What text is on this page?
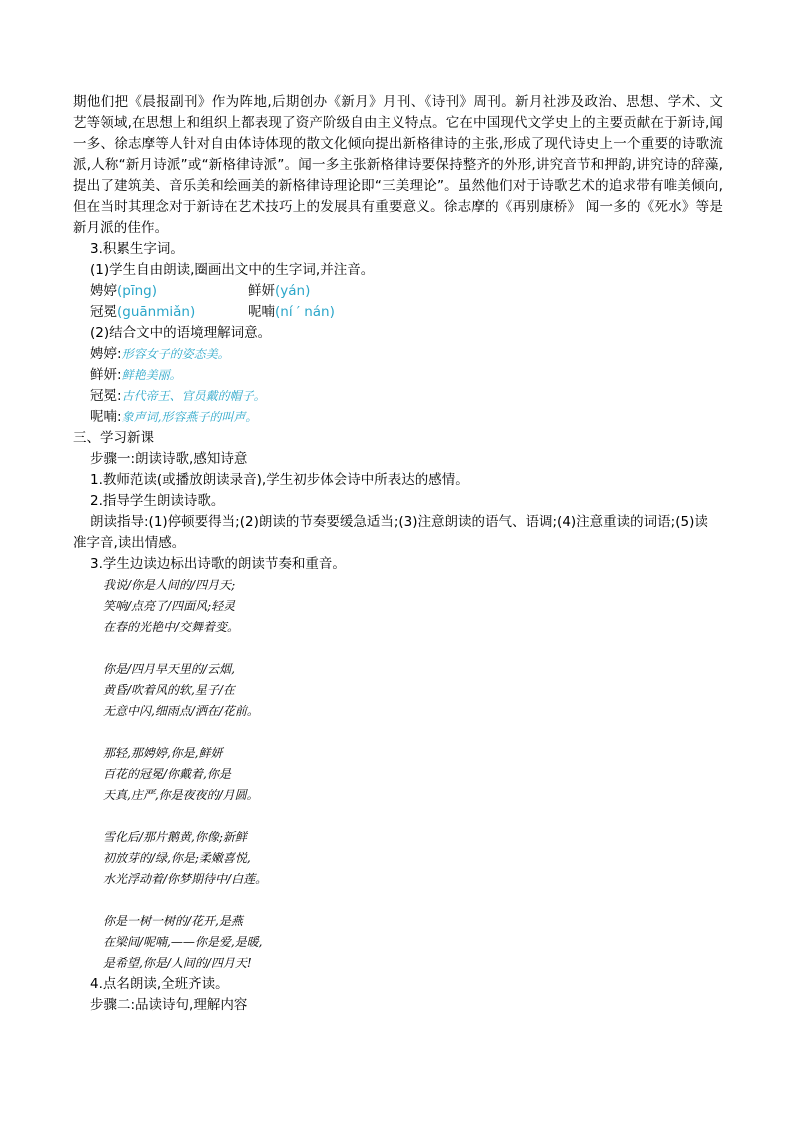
期他们把《晨报副刊》作为阵地,后期创办《新月》月刊、《诗刊》周刊。新月社涉及政治、思想、学术、文艺等领域,在思想上和组织上都表现了资产阶级自由主义特点。它在中国现代文学史上的主要贡献在于新诗,闻一多、徐志摩等人针对自由体诗体现的散文化倾向提出新格律诗的主张,形成了现代诗史上一个重要的诗歌流派,人称“新月诗派”或“新格律诗派”。闻一多主张新格律诗要保持整齐的外形,讲究音节和押韵,讲究诗的辞藻,提出了建筑美、音乐美和绘画美的新格律诗理论即“三美理论”。虽然他们对于诗歌艺术的追求带有唯美倾向,但在当时其理念对于新诗在艺术技巧上的发展具有重要意义。徐志摩的《再别康桥》 闻一多的《死水》等是新月派的佳作。

3.积累生字词。
(1)学生自由朗读,圈画出文中的生字词,并注音。
娉婷(pīng)	鲜妍(yán)
冠冕(guānmiǎn)	呢喃(ní ′ nán)
(2)结合文中的语境理解词意。
娉婷:形容女子的姿态美。
鲜妍:鲜艳美丽。
冠冕:古代帝王、官员戴的帽子。
呢喃:象声词,形容燕子的叫声。
三、学习新课
步骤一:朗读诗歌,感知诗意
1.教师范读(或播放朗读录音),学生初步体会诗中所表达的感情。
2.指导学生朗读诗歌。
朗读指导:(1)停顿要得当;(2)朗读的节奏要缓急适当;(3)注意朗读的语气、语调;(4)注意重读的词语;(5)读
准字音,读出情感。
3.学生边读边标出诗歌的朗读节奏和重音。
我说/你是人间的/四月天;
笑响/点亮了/四面风;轻灵
在春的光艳中/交舞着变。
你是/四月早天里的/云烟,
黄昏/吹着风的软,星子/在
无意中闪,细雨点/洒在/花前。
那轻,那娉婷,你是,鲜妍
百花的冠冕/你戴着,你是
天真,庄严,你是夜夜的/月圆。
雪化后/那片鹅黄,你像;新鲜
初放芽的/绿,你是;柔嫩喜悦,
水光浮动着/你梦期待中/白莲。
你是一树一树的/花开,是燕
在梁间/呢喃,——你是爱,是暖,
是希望,你是/人间的/四月天!
4.点名朗读,全班齐读。
步骤二:品读诗句,理解内容
